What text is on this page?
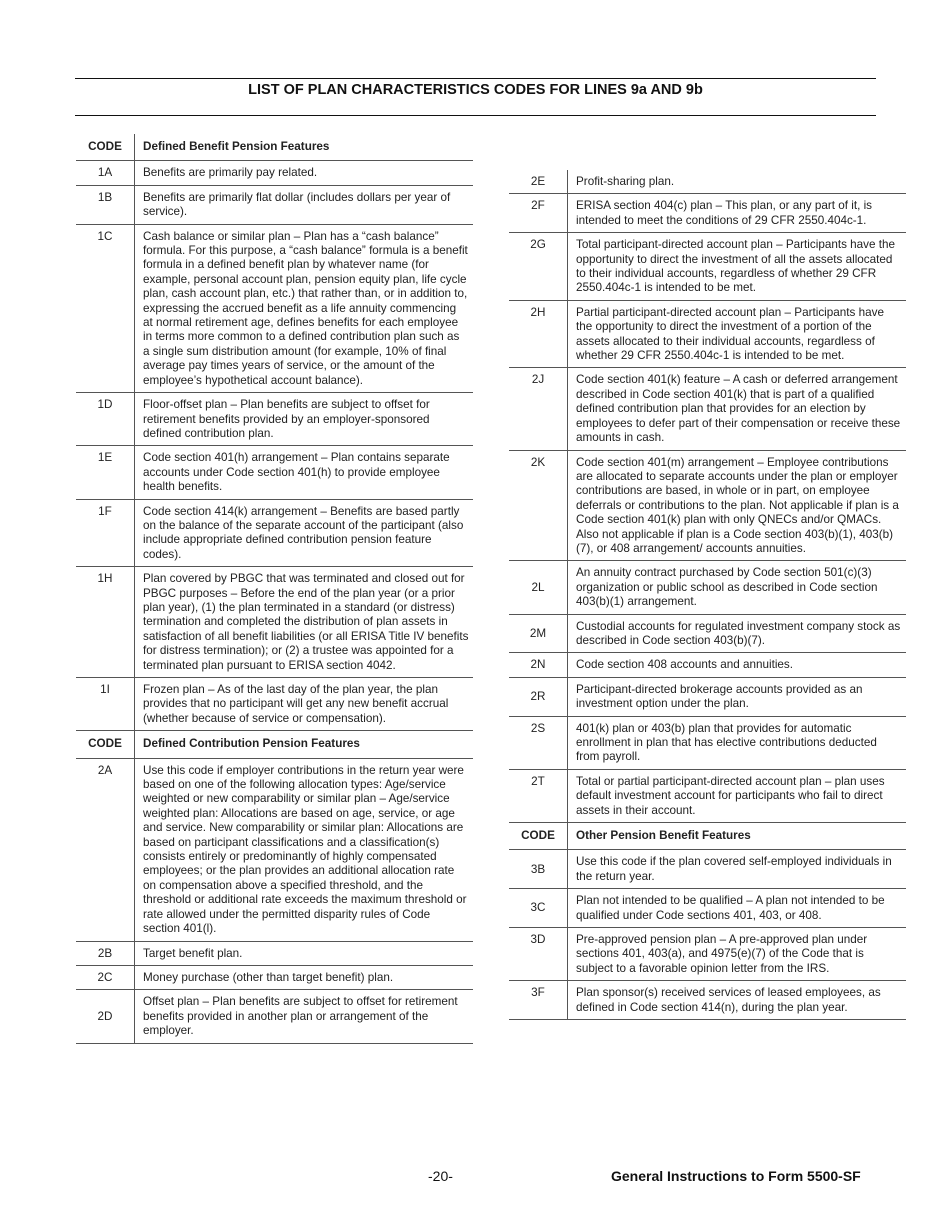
LIST OF PLAN CHARACTERISTICS CODES FOR LINES 9a AND 9b
CODE	Defined Benefit Pension Features
1A	Benefits are primarily pay related.
1B	Benefits are primarily flat dollar (includes dollars per year of service).
1C	Cash balance or similar plan – Plan has a “cash balance” formula. For this purpose, a “cash balance” formula is a benefit formula in a defined benefit plan by whatever name (for example, personal account plan, pension equity plan, life cycle plan, cash account plan, etc.) that rather than, or in addition to, expressing the accrued benefit as a life annuity commencing at normal retirement age, defines benefits for each employee in terms more common to a defined contribution plan such as a single sum distribution amount (for example, 10% of final average pay times years of service, or the amount of the employee’s hypothetical account balance).
1D	Floor-offset plan – Plan benefits are subject to offset for retirement benefits provided by an employer-sponsored defined contribution plan.
1E	Code section 401(h) arrangement – Plan contains separate accounts under Code section 401(h) to provide employee health benefits.
1F	Code section 414(k) arrangement – Benefits are based partly on the balance of the separate account of the participant (also include appropriate defined contribution pension feature codes).
1H	Plan covered by PBGC that was terminated and closed out for PBGC purposes – Before the end of the plan year (or a prior plan year), (1) the plan terminated in a standard (or distress) termination and completed the distribution of plan assets in satisfaction of all benefit liabilities (or all ERISA Title IV benefits for distress termination); or (2) a trustee was appointed for a terminated plan pursuant to ERISA section 4042.
1I	Frozen plan – As of the last day of the plan year, the plan provides that no participant will get any new benefit accrual (whether because of service or compensation).
CODE	Defined Contribution Pension Features
2A	Use this code if employer contributions in the return year were based on one of the following allocation types: Age/service weighted or new comparability or similar plan – Age/service weighted plan: Allocations are based on age, service, or age and service. New comparability or similar plan: Allocations are based on participant classifications and a classification(s) consists entirely or predominantly of highly compensated employees; or the plan provides an additional allocation rate on compensation above a specified threshold, and the threshold or additional rate exceeds the maximum threshold or rate allowed under the permitted disparity rules of Code section 401(l).
2B	Target benefit plan.
2C	Money purchase (other than target benefit) plan.
2D	Offset plan – Plan benefits are subject to offset for retirement benefits provided in another plan or arrangement of the employer.
2E	Profit-sharing plan.
2F	ERISA section 404(c) plan – This plan, or any part of it, is intended to meet the conditions of 29 CFR 2550.404c-1.
2G	Total participant-directed account plan – Participants have the opportunity to direct the investment of all the assets allocated to their individual accounts, regardless of whether 29 CFR 2550.404c-1 is intended to be met.
2H	Partial participant-directed account plan – Participants have the opportunity to direct the investment of a portion of the assets allocated to their individual accounts, regardless of whether 29 CFR 2550.404c-1 is intended to be met.
2J	Code section 401(k) feature – A cash or deferred arrangement described in Code section 401(k) that is part of a qualified defined contribution plan that provides for an election by employees to defer part of their compensation or receive these amounts in cash.
2K	Code section 401(m) arrangement – Employee contributions are allocated to separate accounts under the plan or employer contributions are based, in whole or in part, on employee deferrals or contributions to the plan. Not applicable if plan is a Code section 401(k) plan with only QNECs and/or QMACs. Also not applicable if plan is a Code section 403(b)(1), 403(b)(7), or 408 arrangement/ accounts annuities.
2L	An annuity contract purchased by Code section 501(c)(3) organization or public school as described in Code section 403(b)(1) arrangement.
2M	Custodial accounts for regulated investment company stock as described in Code section 403(b)(7).
2N	Code section 408 accounts and annuities.
2R	Participant-directed brokerage accounts provided as an investment option under the plan.
2S	401(k) plan or 403(b) plan that provides for automatic enrollment in plan that has elective contributions deducted from payroll.
2T	Total or partial participant-directed account plan – plan uses default investment account for participants who fail to direct assets in their account.
CODE	Other Pension Benefit Features
3B	Use this code if the plan covered self-employed individuals in the return year.
3C	Plan not intended to be qualified – A plan not intended to be qualified under Code sections 401, 403, or 408.
3D	Pre-approved pension plan – A pre-approved plan under sections 401, 403(a), and 4975(e)(7) of the Code that is subject to a favorable opinion letter from the IRS.
3F	Plan sponsor(s) received services of leased employees, as defined in Code section 414(n), during the plan year.
-20-	General Instructions to Form 5500-SF
